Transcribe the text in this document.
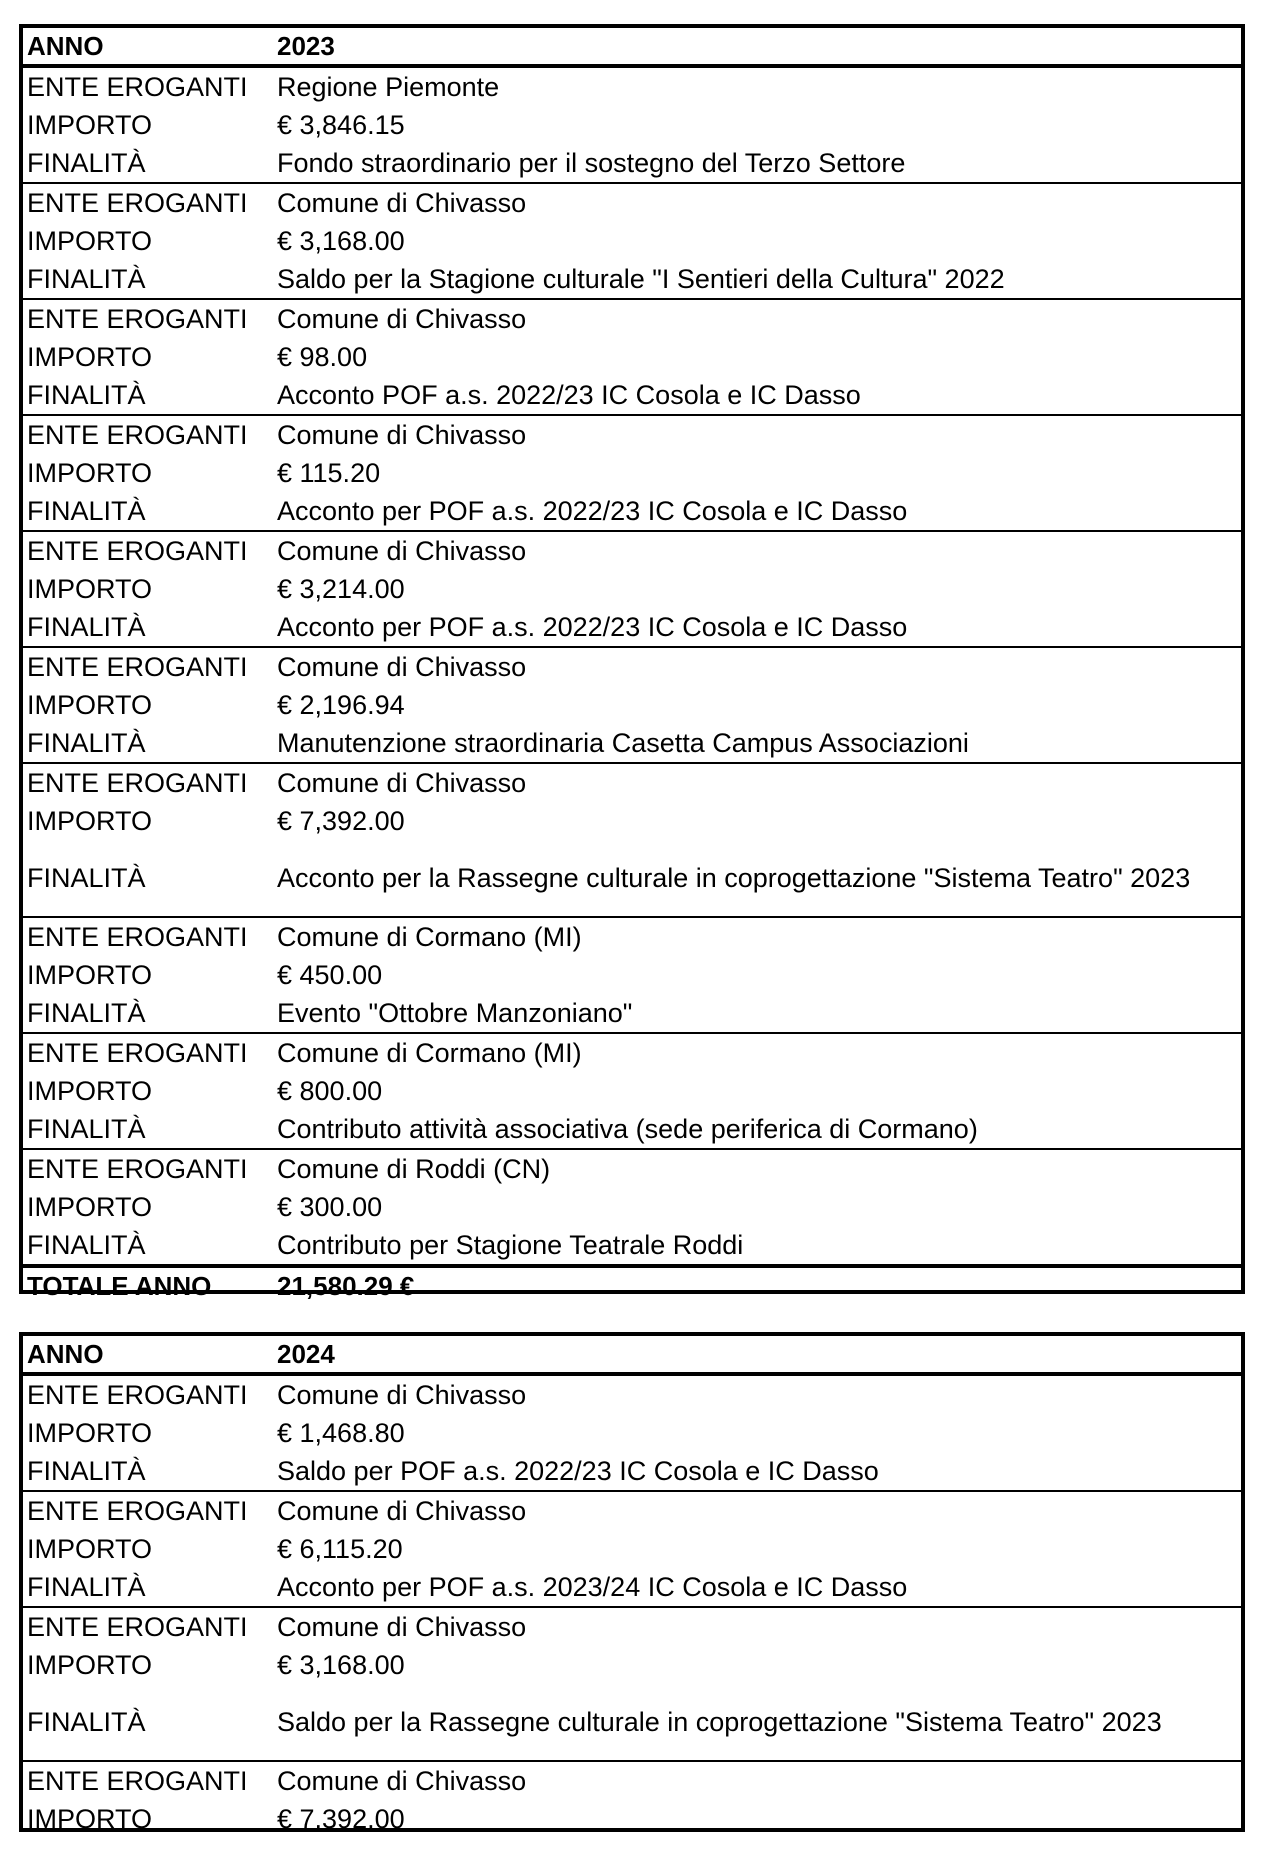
ANNO	2023
ENTE EROGANTI	Regione Piemonte
IMPORTO	€ 3,846.15
FINALITÀ	Fondo straordinario per il sostegno del Terzo Settore
ENTE EROGANTI	Comune di Chivasso
IMPORTO	€ 3,168.00
FINALITÀ	Saldo per la Stagione culturale "I Sentieri della Cultura" 2022
ENTE EROGANTI	Comune di Chivasso
IMPORTO	€ 98.00
FINALITÀ	Acconto POF a.s. 2022/23 IC Cosola e IC Dasso
ENTE EROGANTI	Comune di Chivasso
IMPORTO	€ 115.20
FINALITÀ	Acconto per POF a.s. 2022/23 IC Cosola e IC Dasso
ENTE EROGANTI	Comune di Chivasso
IMPORTO	€ 3,214.00
FINALITÀ	Acconto per POF a.s. 2022/23 IC Cosola e IC Dasso
ENTE EROGANTI	Comune di Chivasso
IMPORTO	€ 2,196.94
FINALITÀ	Manutenzione straordinaria Casetta Campus Associazioni
ENTE EROGANTI	Comune di Chivasso
IMPORTO	€ 7,392.00
FINALITÀ	Acconto per la Rassegne culturale in coprogettazione "Sistema Teatro" 2023
ENTE EROGANTI	Comune di Cormano (MI)
IMPORTO	€ 450.00
FINALITÀ	Evento "Ottobre Manzoniano"
ENTE EROGANTI	Comune di Cormano (MI)
IMPORTO	€ 800.00
FINALITÀ	Contributo attività associativa (sede periferica di Cormano)
ENTE EROGANTI	Comune di Roddi (CN)
IMPORTO	€ 300.00
FINALITÀ	Contributo per Stagione Teatrale Roddi
TOTALE ANNO	21,580.29 €
ANNO	2024
ENTE EROGANTI	Comune di Chivasso
IMPORTO	€ 1,468.80
FINALITÀ	Saldo per POF a.s. 2022/23 IC Cosola e IC Dasso
ENTE EROGANTI	Comune di Chivasso
IMPORTO	€ 6,115.20
FINALITÀ	Acconto per POF a.s. 2023/24 IC Cosola e IC Dasso
ENTE EROGANTI	Comune di Chivasso
IMPORTO	€ 3,168.00
FINALITÀ	Saldo per la Rassegne culturale in coprogettazione "Sistema Teatro" 2023
ENTE EROGANTI	Comune di Chivasso
IMPORTO	€ 7,392.00
